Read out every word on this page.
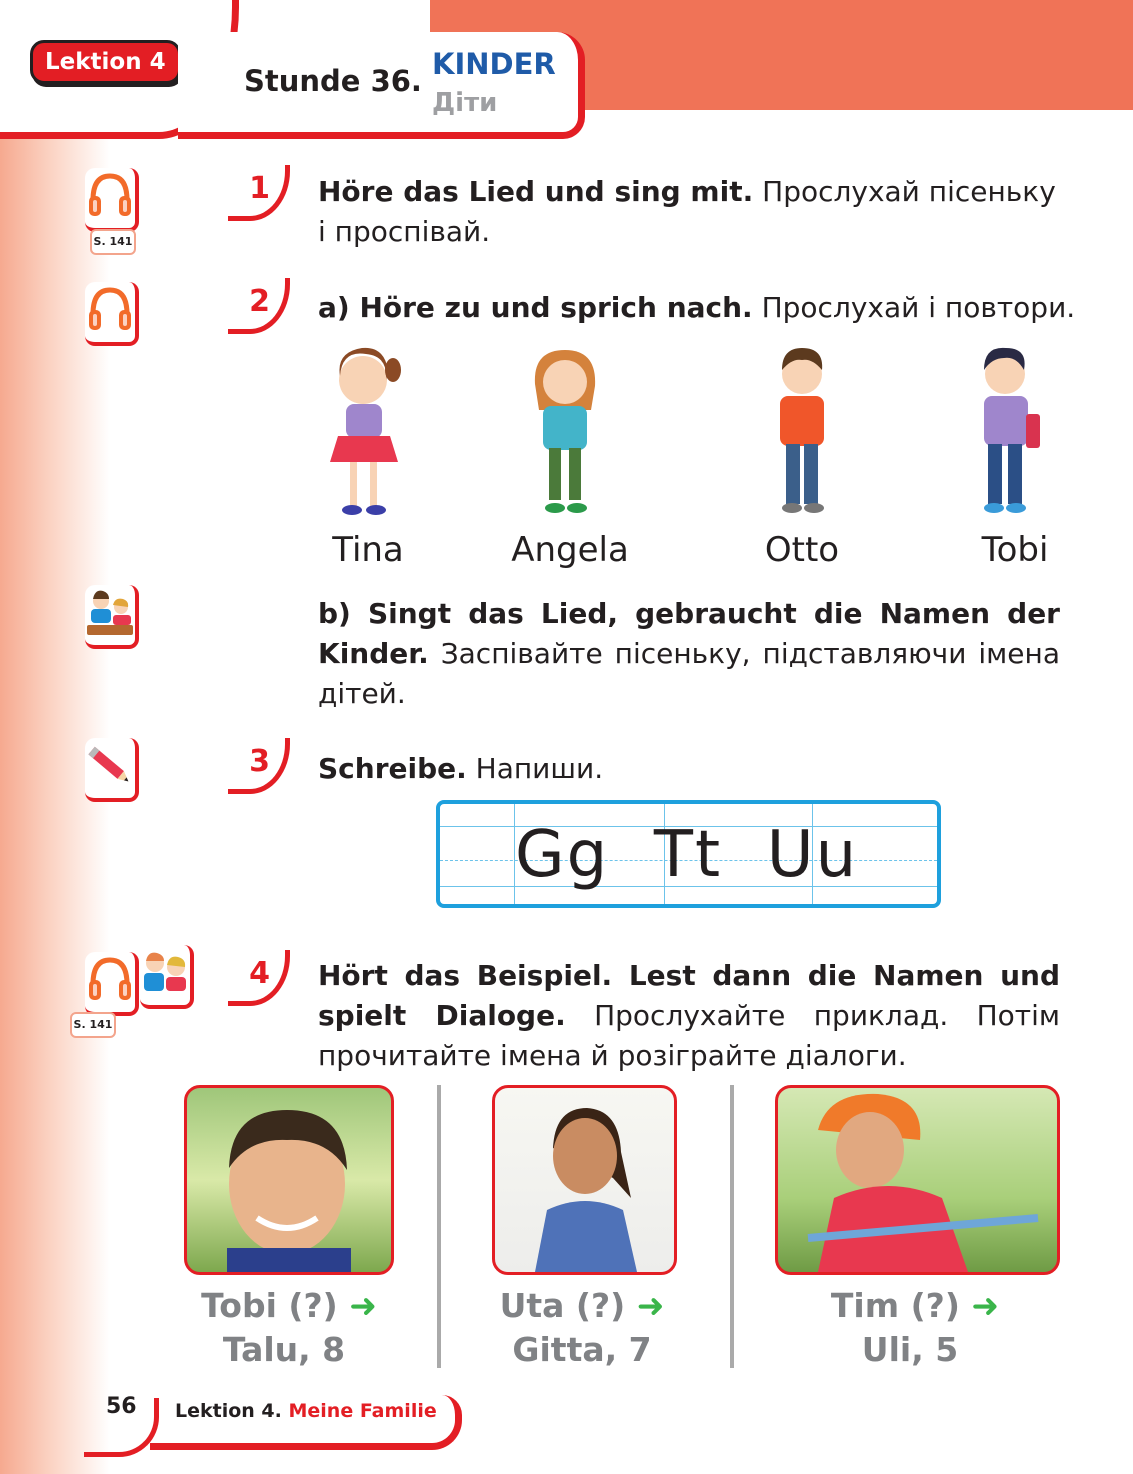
Lektion 4
Stunde 36. KINDER
Діти
S. 141
1 Höre das Lied und sing mit. Прослухай пісеньку і проспівай.
2 a) Höre zu und sprich nach. Прослухай і повтори.
Tina	Angela	Otto	Tobi
b) Singt das Lied, gebraucht die Namen der Kinder. Заспівайте пісеньку, підставляючи імена дітей.
3 Schreibe. Напиши.
Gg  Tt  Uu
S. 141
4 Hört das Beispiel. Lest dann die Namen und spielt Dialoge. Прослухайте приклад. Потім прочитайте імена й розіграйте діалоги.
Tobi (?) ➜
Talu, 8
Uta (?) ➜
Gitta, 7
Tim (?) ➜
Uli, 5
56 Lektion 4. Meine Familie
